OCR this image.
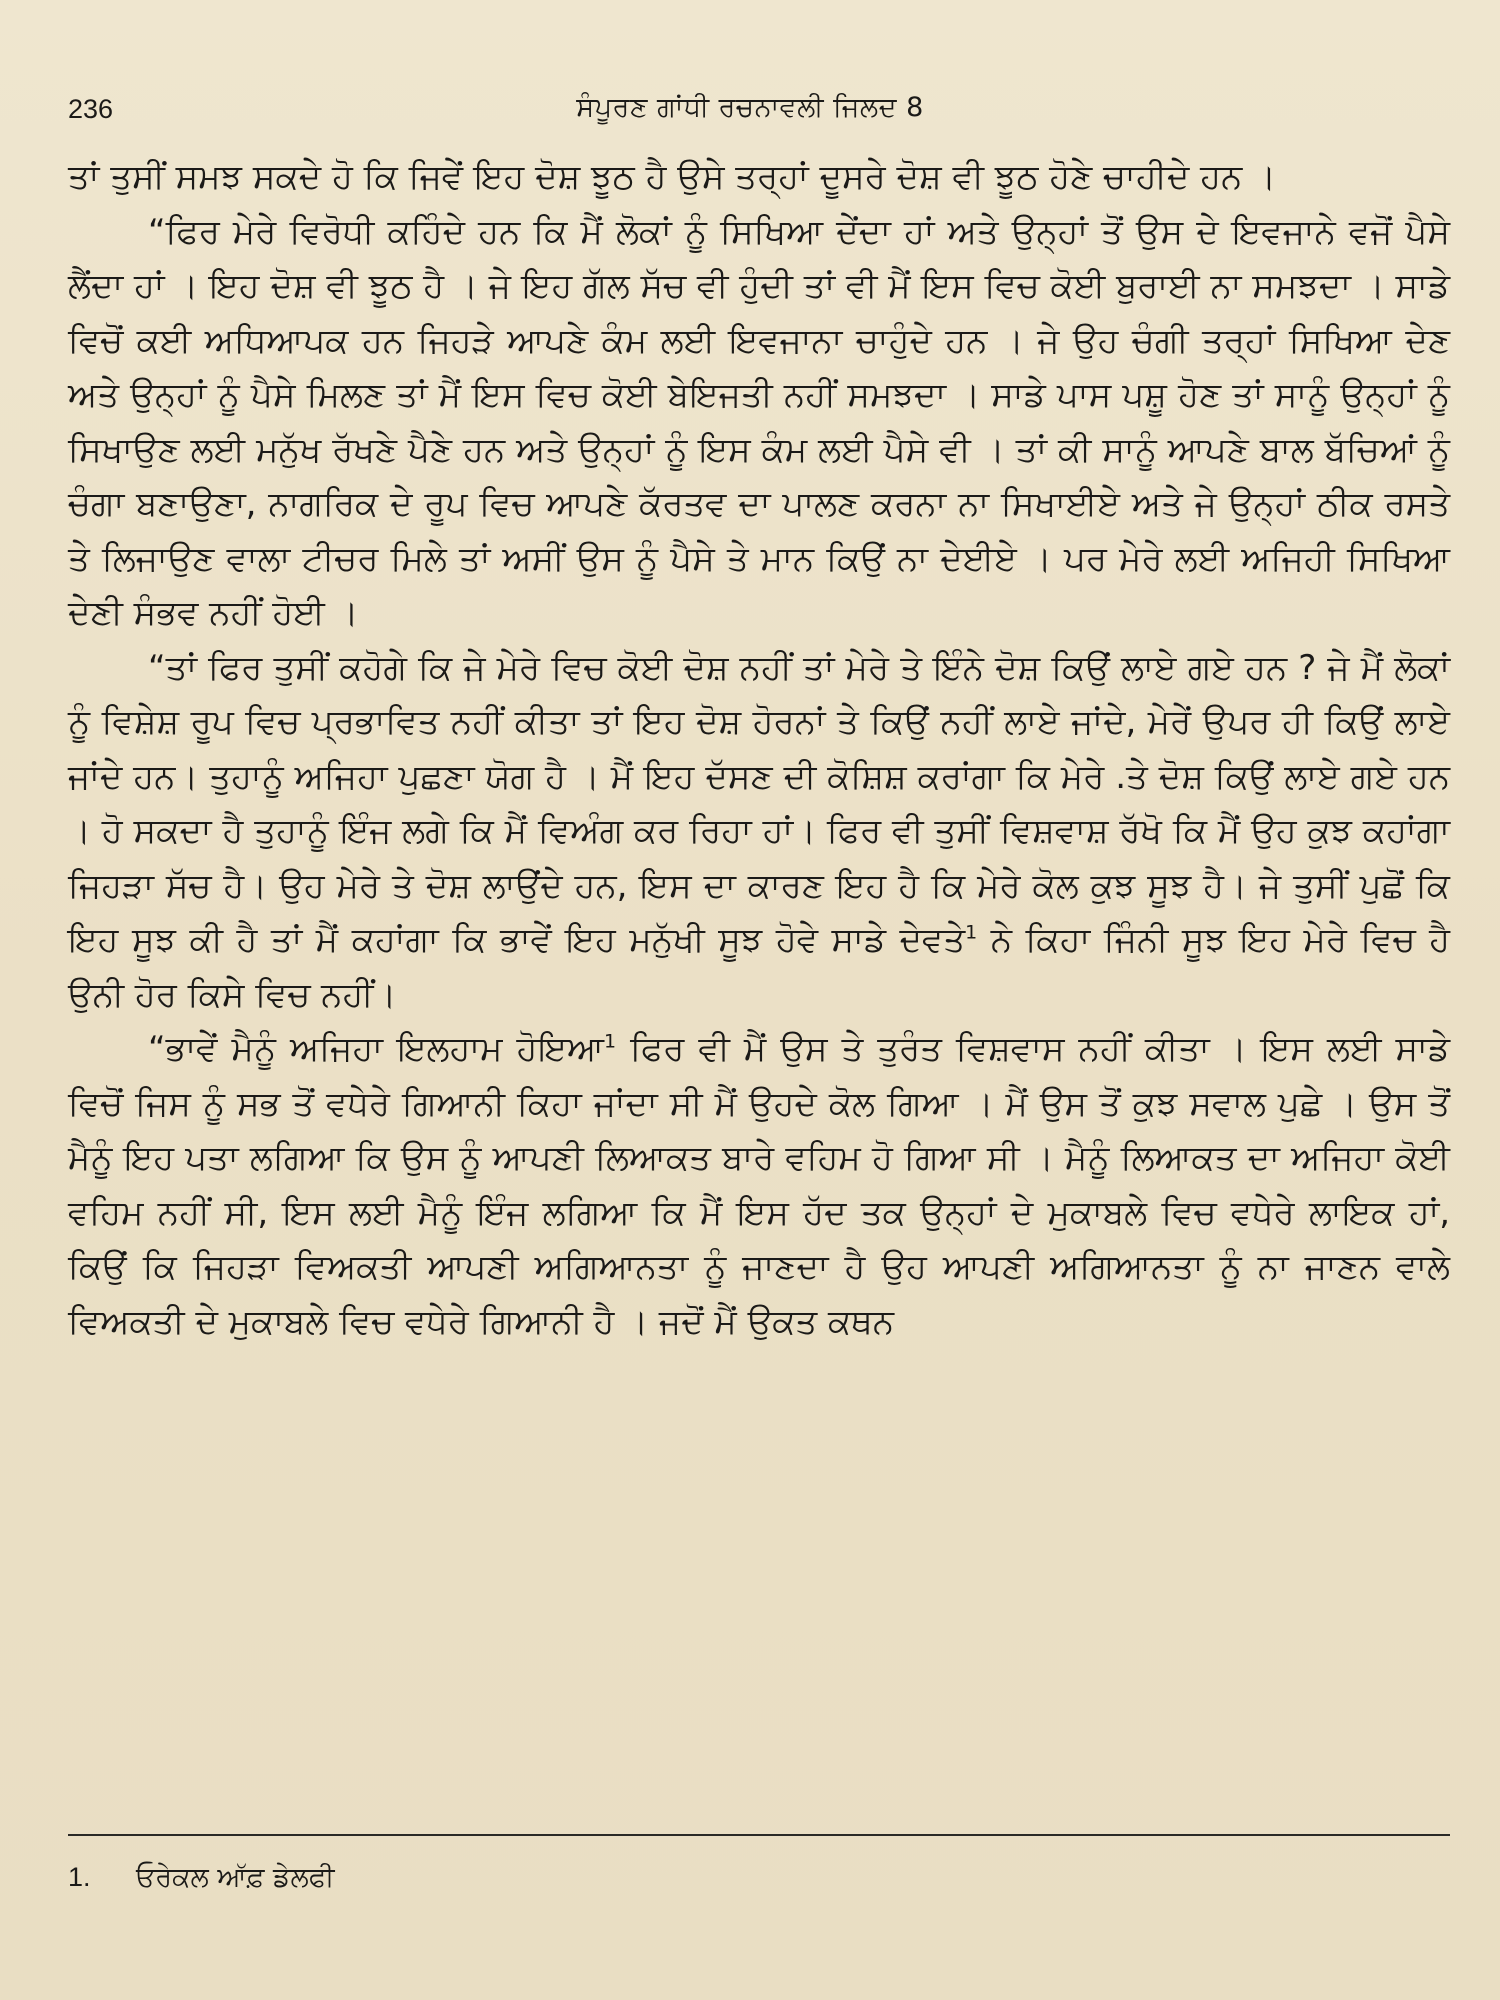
236	ਸੰਪੂਰਣ ਗਾਂਧੀ ਰਚਨਾਵਲੀ ਜਿਲਦ 8

ਤਾਂ ਤੁਸੀਂ ਸਮਝ ਸਕਦੇ ਹੋ ਕਿ ਜਿਵੇਂ ਇਹ ਦੋਸ਼ ਝੂਠ ਹੈ ਉਸੇ ਤਰ੍ਹਾਂ ਦੂਸਰੇ ਦੋਸ਼ ਵੀ ਝੂਠ ਹੋਣੇ ਚਾਹੀਦੇ ਹਨ ।

“ਫਿਰ ਮੇਰੇ ਵਿਰੋਧੀ ਕਹਿੰਦੇ ਹਨ ਕਿ ਮੈਂ ਲੋਕਾਂ ਨੂੰ ਸਿਖਿਆ ਦੇਂਦਾ ਹਾਂ ਅਤੇ ਉਨ੍ਹਾਂ ਤੋਂ ਉਸ ਦੇ ਇਵਜਾਨੇ ਵਜੋਂ ਪੈਸੇ ਲੈਂਦਾ ਹਾਂ । ਇਹ ਦੋਸ਼ ਵੀ ਝੂਠ ਹੈ । ਜੇ ਇਹ ਗੱਲ ਸੱਚ ਵੀ ਹੁੰਦੀ ਤਾਂ ਵੀ ਮੈਂ ਇਸ ਵਿਚ ਕੋਈ ਬੁਰਾਈ ਨਾ ਸਮਝਦਾ । ਸਾਡੇ ਵਿਚੋਂ ਕਈ ਅਧਿਆਪਕ ਹਨ ਜਿਹੜੇ ਆਪਣੇ ਕੰਮ ਲਈ ਇਵਜਾਨਾ ਚਾਹੁੰਦੇ ਹਨ । ਜੇ ਉਹ ਚੰਗੀ ਤਰ੍ਹਾਂ ਸਿਖਿਆ ਦੇਣ ਅਤੇ ਉਨ੍ਹਾਂ ਨੂੰ ਪੈਸੇ ਮਿਲਣ ਤਾਂ ਮੈਂ ਇਸ ਵਿਚ ਕੋਈ ਬੇਇਜਤੀ ਨਹੀਂ ਸਮਝਦਾ । ਸਾਡੇ ਪਾਸ ਪਸ਼ੂ ਹੋਣ ਤਾਂ ਸਾਨੂੰ ਉਨ੍ਹਾਂ ਨੂੰ ਸਿਖਾਉਣ ਲਈ ਮਨੁੱਖ ਰੱਖਣੇ ਪੈਣੇ ਹਨ ਅਤੇ ਉਨ੍ਹਾਂ ਨੂੰ ਇਸ ਕੰਮ ਲਈ ਪੈਸੇ ਵੀ । ਤਾਂ ਕੀ ਸਾਨੂੰ ਆਪਣੇ ਬਾਲ ਬੱਚਿਆਂ ਨੂੰ ਚੰਗਾ ਬਣਾਉਣਾ, ਨਾਗਰਿਕ ਦੇ ਰੂਪ ਵਿਚ ਆਪਣੇ ਕੱਰਤਵ ਦਾ ਪਾਲਣ ਕਰਨਾ ਨਾ ਸਿਖਾਈਏ ਅਤੇ ਜੇ ਉਨ੍ਹਾਂ ਠੀਕ ਰਸਤੇ ਤੇ ਲਿਜਾਉਣ ਵਾਲਾ ਟੀਚਰ ਮਿਲੇ ਤਾਂ ਅਸੀਂ ਉਸ ਨੂੰ ਪੈਸੇ ਤੇ ਮਾਨ ਕਿਉਂ ਨਾ ਦੇਈਏ । ਪਰ ਮੇਰੇ ਲਈ ਅਜਿਹੀ ਸਿਖਿਆ ਦੇਣੀ ਸੰਭਵ ਨਹੀਂ ਹੋਈ ।

“ਤਾਂ ਫਿਰ ਤੁਸੀਂ ਕਹੋਗੇ ਕਿ ਜੇ ਮੇਰੇ ਵਿਚ ਕੋਈ ਦੋਸ਼ ਨਹੀਂ ਤਾਂ ਮੇਰੇ ਤੇ ਇੰਨੇ ਦੋਸ਼ ਕਿਉਂ ਲਾਏ ਗਏ ਹਨ ? ਜੇ ਮੈਂ ਲੋਕਾਂ ਨੂੰ ਵਿਸ਼ੇਸ਼ ਰੂਪ ਵਿਚ ਪ੍ਰਭਾਵਿਤ ਨਹੀਂ ਕੀਤਾ ਤਾਂ ਇਹ ਦੋਸ਼ ਹੋਰਨਾਂ ਤੇ ਕਿਉਂ ਨਹੀਂ ਲਾਏ ਜਾਂਦੇ, ਮੇਰੇਂ ਉਪਰ ਹੀ ਕਿਉਂ ਲਾਏ ਜਾਂਦੇ ਹਨ। ਤੁਹਾਨੂੰ ਅਜਿਹਾ ਪੁਛਣਾ ਯੋਗ ਹੈ । ਮੈਂ ਇਹ ਦੱਸਣ ਦੀ ਕੋਸ਼ਿਸ਼ ਕਰਾਂਗਾ ਕਿ ਮੇਰੇ .ਤੇ ਦੋਸ਼ ਕਿਉਂ ਲਾਏ ਗਏ ਹਨ । ਹੋ ਸਕਦਾ ਹੈ ਤੁਹਾਨੂੰ ਇੰਜ ਲਗੇ ਕਿ ਮੈਂ ਵਿਅੰਗ ਕਰ ਰਿਹਾ ਹਾਂ। ਫਿਰ ਵੀ ਤੁਸੀਂ ਵਿਸ਼ਵਾਸ਼ ਰੱਖੋ ਕਿ ਮੈਂ ਉਹ ਕੁਝ ਕਹਾਂਗਾ ਜਿਹੜਾ ਸੱਚ ਹੈ। ਉਹ ਮੇਰੇ ਤੇ ਦੋਸ਼ ਲਾਉਂਦੇ ਹਨ, ਇਸ ਦਾ ਕਾਰਣ ਇਹ ਹੈ ਕਿ ਮੇਰੇ ਕੋਲ ਕੁਝ ਸੂਝ ਹੈ। ਜੇ ਤੁਸੀਂ ਪੁਛੋਂ ਕਿ ਇਹ ਸੂਝ ਕੀ ਹੈ ਤਾਂ ਮੈਂ ਕਹਾਂਗਾ ਕਿ ਭਾਵੇਂ ਇਹ ਮਨੁੱਖੀ ਸੂਝ ਹੋਵੇ ਸਾਡੇ ਦੇਵਤੇ$^1$ ਨੇ ਕਿਹਾ ਜਿੰਨੀ ਸੂਝ ਇਹ ਮੇਰੇ ਵਿਚ ਹੈ ਉਨੀ ਹੋਰ ਕਿਸੇ ਵਿਚ ਨਹੀਂ।

“ਭਾਵੇਂ ਮੈਨੂੰ ਅਜਿਹਾ ਇਲਹਾਮ ਹੋਇਆ$^1$ ਫਿਰ ਵੀ ਮੈਂ ਉਸ ਤੇ ਤੁਰੰਤ ਵਿਸ਼ਵਾਸ ਨਹੀਂ ਕੀਤਾ । ਇਸ ਲਈ ਸਾਡੇ ਵਿਚੋਂ ਜਿਸ ਨੂੰ ਸਭ ਤੋਂ ਵਧੇਰੇ ਗਿਆਨੀ ਕਿਹਾ ਜਾਂਦਾ ਸੀ ਮੈਂ ਉਹਦੇ ਕੋਲ ਗਿਆ । ਮੈਂ ਉਸ ਤੋਂ ਕੁਝ ਸਵਾਲ ਪੁਛੇ । ਉਸ ਤੋਂ ਮੈਨੂੰ ਇਹ ਪਤਾ ਲਗਿਆ ਕਿ ਉਸ ਨੂੰ ਆਪਣੀ ਲਿਆਕਤ ਬਾਰੇ ਵਹਿਮ ਹੋ ਗਿਆ ਸੀ । ਮੈਨੂੰ ਲਿਆਕਤ ਦਾ ਅਜਿਹਾ ਕੋਈ ਵਹਿਮ ਨਹੀਂ ਸੀ, ਇਸ ਲਈ ਮੈਨੂੰ ਇੰਜ ਲਗਿਆ ਕਿ ਮੈਂ ਇਸ ਹੱਦ ਤਕ ਉਨ੍ਹਾਂ ਦੇ ਮੁਕਾਬਲੇ ਵਿਚ ਵਧੇਰੇ ਲਾਇਕ ਹਾਂ, ਕਿਉਂ ਕਿ ਜਿਹੜਾ ਵਿਅਕਤੀ ਆਪਣੀ ਅਗਿਆਨਤਾ ਨੂੰ ਜਾਣਦਾ ਹੈ ਉਹ ਆਪਣੀ ਅਗਿਆਨਤਾ ਨੂੰ ਨਾ ਜਾਣਨ ਵਾਲੇ ਵਿਅਕਤੀ ਦੇ ਮੁਕਾਬਲੇ ਵਿਚ ਵਧੇਰੇ ਗਿਆਨੀ ਹੈ । ਜਦੋਂ ਮੈਂ ਉਕਤ ਕਥਨ

1. ਓਰੇਕਲ ਆੱਫ਼ ਡੇਲਫੀ
